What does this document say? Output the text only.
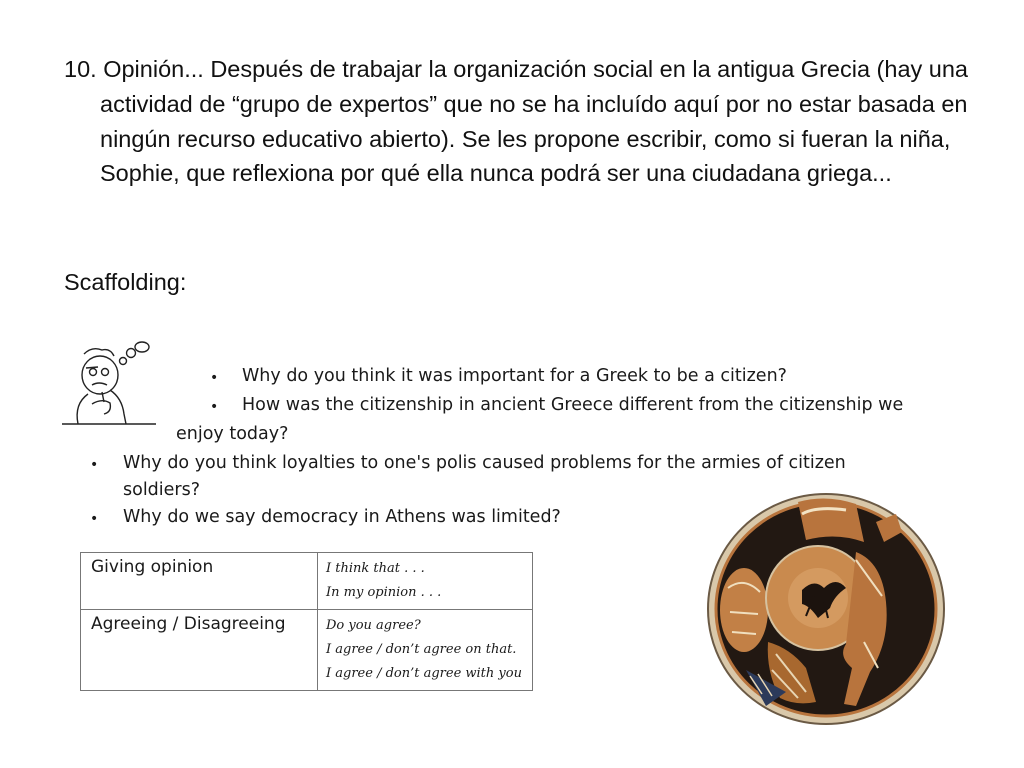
10. Opinión... Después de trabajar la organización social en la antigua Grecia (hay una actividad de “grupo de expertos” que no se ha incluído aquí por no estar basada en ningún recurso educativo abierto). Se les propone escribir, como si fueran la niña, Sophie, que reflexiona por qué ella nunca podrá ser una ciudadana griega...

Scaffolding:

• Why do you think it was important for a Greek to be a citizen?
• How was the citizenship in ancient Greece different from the citizenship we
enjoy today?
• Why do you think loyalties to one's polis caused problems for the armies of citizen
soldiers?
• Why do we say democracy in Athens was limited?
Giving opinion	I think that . . .
In my opinion . . .

Agreeing / Disagreeing	Do you agree?
I agree / don’t agree on that.
I agree / don’t agree with you
